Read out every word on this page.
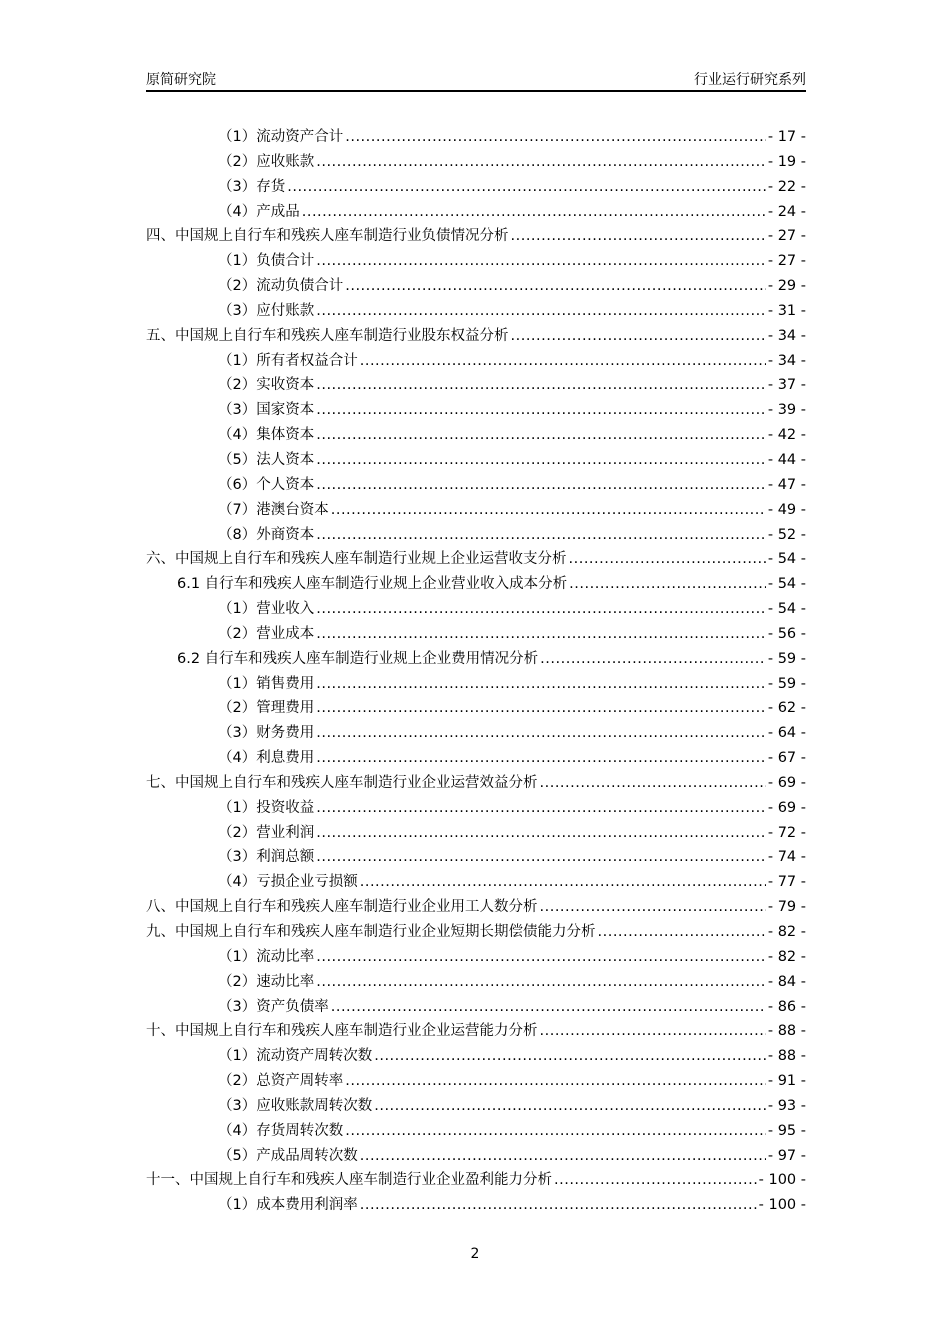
原简研究院	行业运行研究系列
（1）流动资产合计 .....	- 17 -
（2）应收账款 .....	- 19 -
（3）存货 .....	- 22 -
（4）产成品 .....	- 24 -
四、中国规上自行车和残疾人座车制造行业负债情况分析 .....	- 27 -
（1）负债合计 .....	- 27 -
（2）流动负债合计 .....	- 29 -
（3）应付账款 .....	- 31 -
五、中国规上自行车和残疾人座车制造行业股东权益分析 .....	- 34 -
（1）所有者权益合计 .....	- 34 -
（2）实收资本 .....	- 37 -
（3）国家资本 .....	- 39 -
（4）集体资本 .....	- 42 -
（5）法人资本 .....	- 44 -
（6）个人资本 .....	- 47 -
（7）港澳台资本 .....	- 49 -
（8）外商资本 .....	- 52 -
六、中国规上自行车和残疾人座车制造行业规上企业运营收支分析 .....	- 54 -
6.1 自行车和残疾人座车制造行业规上企业营业收入成本分析 .....	- 54 -
（1）营业收入 .....	- 54 -
（2）营业成本 .....	- 56 -
6.2 自行车和残疾人座车制造行业规上企业费用情况分析 .....	- 59 -
（1）销售费用 .....	- 59 -
（2）管理费用 .....	- 62 -
（3）财务费用 .....	- 64 -
（4）利息费用 .....	- 67 -
七、中国规上自行车和残疾人座车制造行业企业运营效益分析 .....	- 69 -
（1）投资收益 .....	- 69 -
（2）营业利润 .....	- 72 -
（3）利润总额 .....	- 74 -
（4）亏损企业亏损额 .....	- 77 -
八、中国规上自行车和残疾人座车制造行业企业用工人数分析 .....	- 79 -
九、中国规上自行车和残疾人座车制造行业企业短期长期偿债能力分析 .....	- 82 -
（1）流动比率 .....	- 82 -
（2）速动比率 .....	- 84 -
（3）资产负债率 .....	- 86 -
十、中国规上自行车和残疾人座车制造行业企业运营能力分析 .....	- 88 -
（1）流动资产周转次数 .....	- 88 -
（2）总资产周转率 .....	- 91 -
（3）应收账款周转次数 .....	- 93 -
（4）存货周转次数 .....	- 95 -
（5）产成品周转次数 .....	- 97 -
十一、中国规上自行车和残疾人座车制造行业企业盈利能力分析 .....	- 100 -
（1）成本费用利润率 .....	- 100 -
2
